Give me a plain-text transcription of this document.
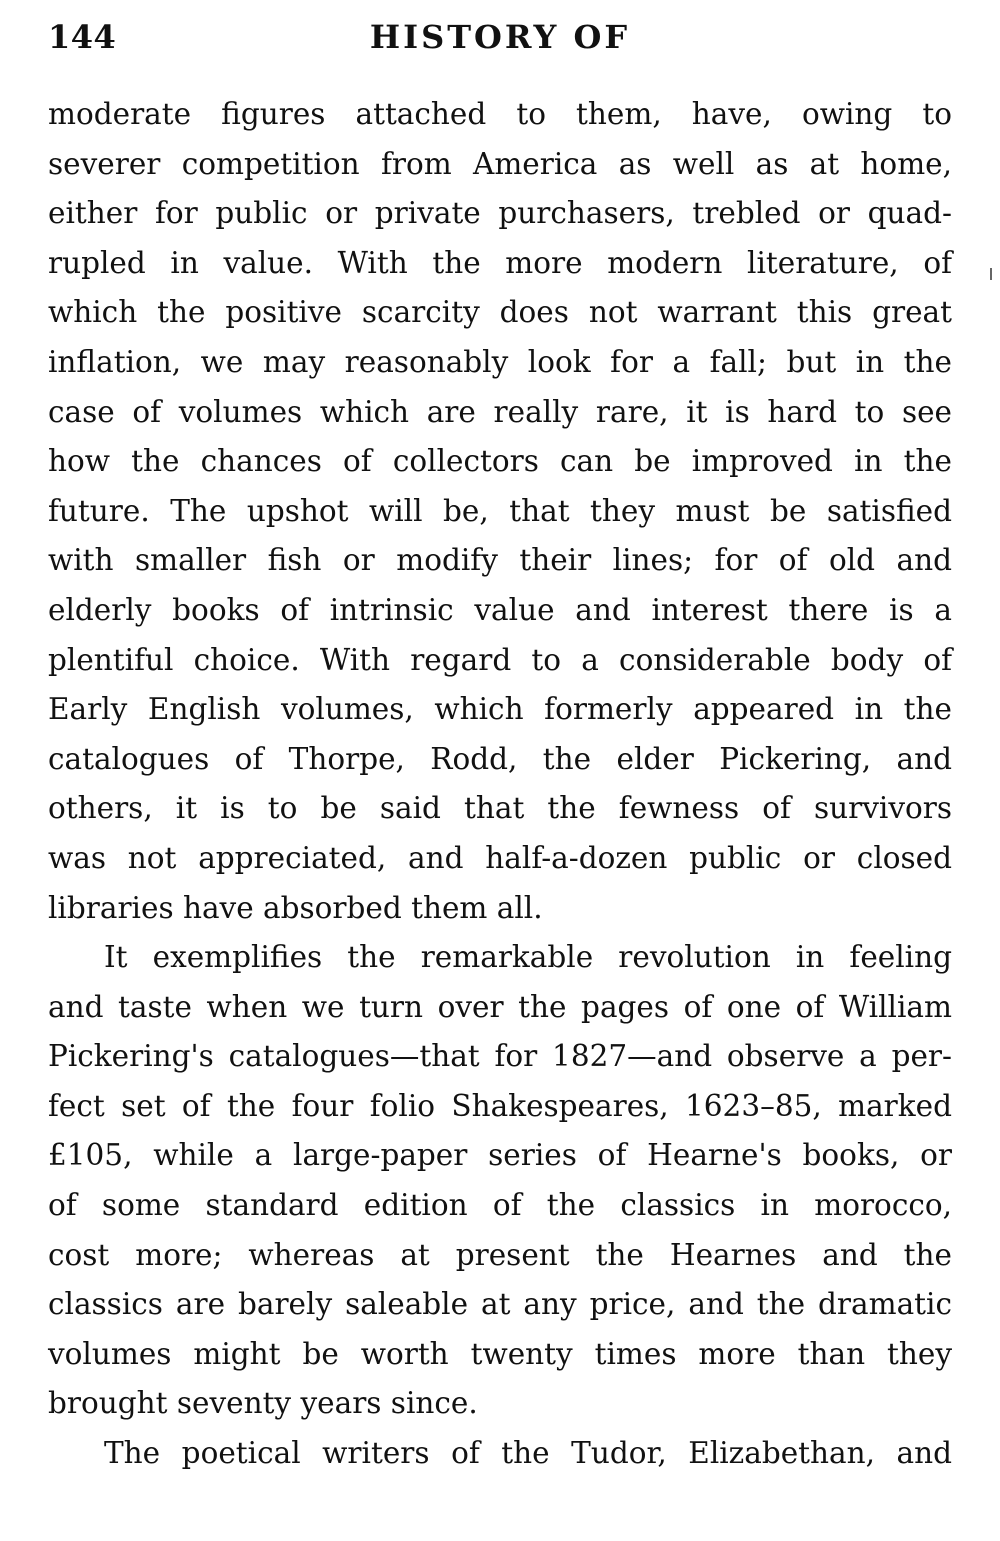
144	HISTORY OF
moderate figures attached to them, have, owing to
severer competition from America as well as at home,
either for public or private purchasers, trebled or quad-
rupled in value. With the more modern literature, of
which the positive scarcity does not warrant this great
inflation, we may reasonably look for a fall; but in the
case of volumes which are really rare, it is hard to see
how the chances of collectors can be improved in the
future. The upshot will be, that they must be satisfied
with smaller fish or modify their lines; for of old and
elderly books of intrinsic value and interest there is a
plentiful choice. With regard to a considerable body of
Early English volumes, which formerly appeared in the
catalogues of Thorpe, Rodd, the elder Pickering, and
others, it is to be said that the fewness of survivors
was not appreciated, and half-a-dozen public or closed
libraries have absorbed them all.
It exemplifies the remarkable revolution in feeling
and taste when we turn over the pages of one of William
Pickering's catalogues—that for 1827—and observe a per-
fect set of the four folio Shakespeares, 1623–85, marked
£105, while a large-paper series of Hearne's books, or
of some standard edition of the classics in morocco,
cost more; whereas at present the Hearnes and the
classics are barely saleable at any price, and the dramatic
volumes might be worth twenty times more than they
brought seventy years since.
The poetical writers of the Tudor, Elizabethan, and
